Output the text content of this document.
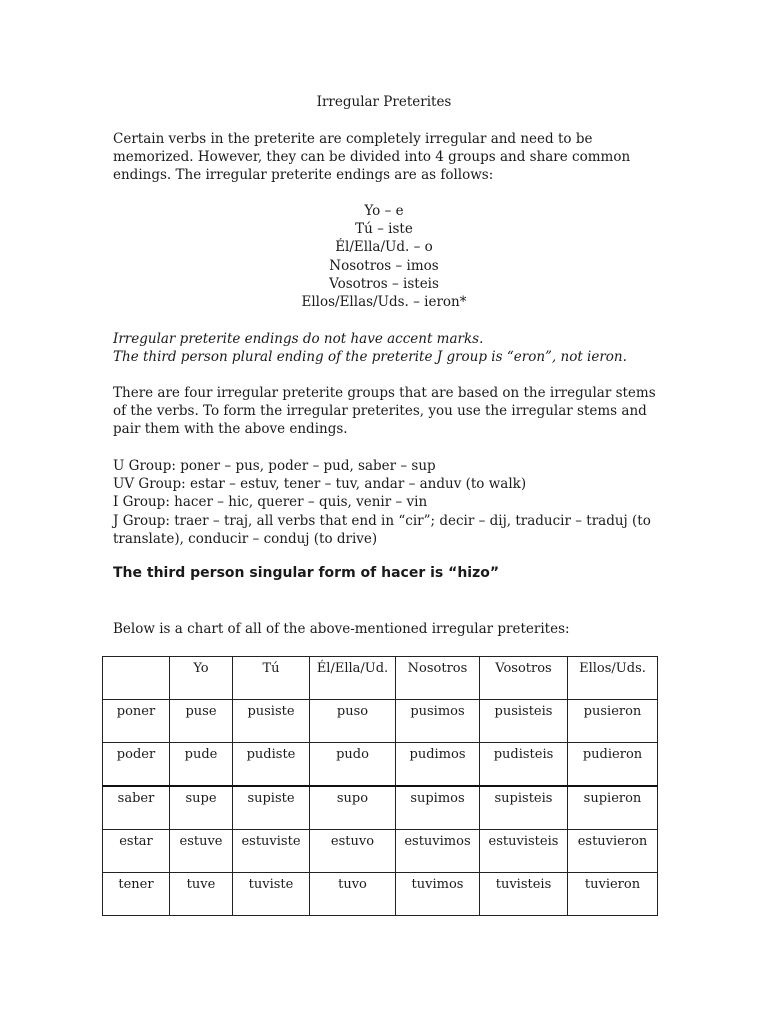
Irregular Preterites

Certain verbs in the preterite are completely irregular and need to be memorized. However, they can be divided into 4 groups and share common endings. The irregular preterite endings are as follows:

Yo – e
Tú – iste
Él/Ella/Ud. – o
Nosotros – imos
Vosotros – isteis
Ellos/Ellas/Uds. – ieron*

Irregular preterite endings do not have accent marks.

The third person plural ending of the preterite J group is “eron”, not ieron.

There are four irregular preterite groups that are based on the irregular stems of the verbs. To form the irregular preterites, you use the irregular stems and pair them with the above endings.

U Group: poner – pus, poder – pud, saber – sup
UV Group: estar – estuv, tener – tuv, andar – anduv (to walk)
I Group: hacer – hic, querer – quis, venir – vin
J Group: traer – traj, all verbs that end in “cir”; decir – dij, traducir – traduj (to translate), conducir – conduj (to drive)
The third person singular form of hacer is “hizo”
Below is a chart of all of the above-mentioned irregular preterites:
	Yo	Tú	Él/Ella/Ud.	Nosotros	Vosotros	Ellos/Uds.
poner	puse	pusiste	puso	pusimos	pusisteis	pusieron
poder	pude	pudiste	pudo	pudimos	pudisteis	pudieron
saber	supe	supiste	supo	supimos	supisteis	supieron
estar	estuve	estuviste	estuvo	estuvimos	estuvisteis	estuvieron
tener	tuve	tuviste	tuvo	tuvimos	tuvisteis	tuvieron
